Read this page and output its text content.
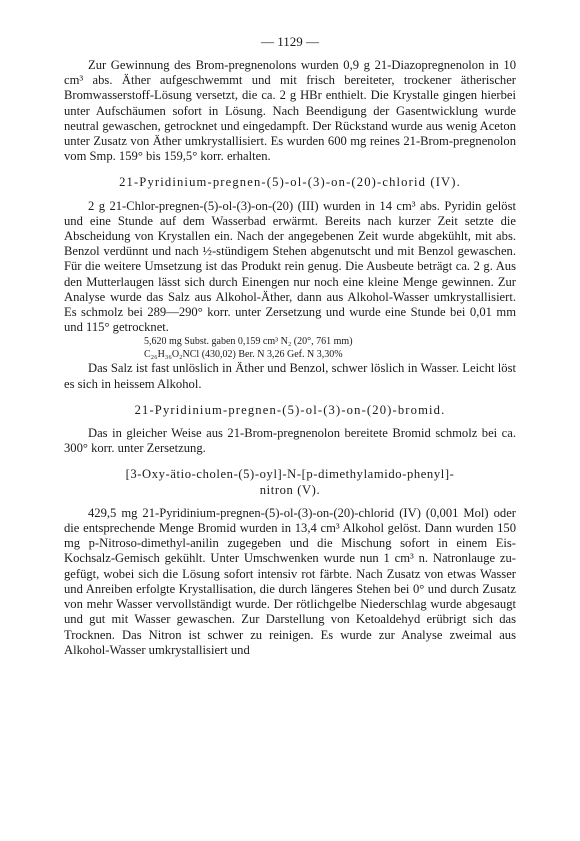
— 1129 —

Zur Gewinnung des Brom-pregnenolons wurden 0,9 g 21-Diazopregnenolon in 10 cm³ abs. Äther aufgeschwemmt und mit frisch bereiteter, trockener ätherischer Bromwasserstoff-Lösung versetzt, die ca. 2 g HBr enthielt. Die Krystalle gingen hierbei unter Aufschäumen sofort in Lösung. Nach Beendigung der Gasentwicklung wurde neutral gewaschen, getrocknet und eingedampft. Der Rückstand wurde aus wenig Aceton unter Zusatz von Äther umkrystallisiert. Es wurden 600 mg reines 21-Brom-pregnenolon vom Smp. 159° bis 159,5° korr. erhalten.

21-Pyridinium-pregnen-(5)-ol-(3)-on-(20)-chlorid (IV).

2 g 21-Chlor-pregnen-(5)-ol-(3)-on-(20) (III) wurden in 14 cm³ abs. Pyridin gelöst und eine Stunde auf dem Wasserbad erwärmt. Bereits nach kurzer Zeit setzte die Abscheidung von Krystallen ein. Nach der angegebenen Zeit wurde abgekühlt, mit abs. Benzol verdünnt und nach ½-stündigem Stehen abgenutscht und mit Benzol gewaschen. Für die weitere Umsetzung ist das Produkt rein genug. Die Ausbeute beträgt ca. 2 g. Aus den Mutterlaugen lässt sich durch Einengen nur noch eine kleine Menge gewinnen. Zur Analyse wurde das Salz aus Alkohol-Äther, dann aus Alkohol-Wasser umkrystallisiert. Es schmolz bei 289—290° korr. unter Zersetzung und wurde eine Stunde bei 0,01 mm und 115° getrocknet.

5,620 mg Subst. gaben 0,159 cm³ N₂ (20°, 761 mm)

C₂₆H₃₆O₂NCl (430,02) Ber. N 3,26 Gef. N 3,30%

Das Salz ist fast unlöslich in Äther und Benzol, schwer löslich in Wasser. Leicht löst es sich in heissem Alkohol.

21-Pyridinium-pregnen-(5)-ol-(3)-on-(20)-bromid.

Das in gleicher Weise aus 21-Brom-pregnenolon bereitete Bromid schmolz bei ca. 300° korr. unter Zersetzung.

[3-Oxy-ätio-cholen-(5)-oyl]-N-[p-dimethylamido-phenyl]-
nitron (V).

429,5 mg 21-Pyridinium-pregnen-(5)-ol-(3)-on-(20)-chlorid (IV) (0,001 Mol) oder die entsprechende Menge Bromid wurden in 13,4 cm³ Alkohol gelöst. Dann wurden 150 mg p-Nitroso-dimethyl-anilin zugegeben und die Mischung sofort in einem Eis-Kochsalz-Gemisch gekühlt. Unter Umschwenken wurde nun 1 cm³ n. Natronlauge zugefügt, wobei sich die Lösung sofort intensiv rot färbte. Nach Zusatz von etwas Wasser und Anreiben erfolgte Krystallisation, die durch längeres Stehen bei 0° und durch Zusatz von mehr Wasser vervollständigt wurde. Der rötlichgelbe Niederschlag wurde abgesaugt und gut mit Wasser gewaschen. Zur Darstellung von Ketoaldehyd erübrigt sich das Trocknen. Das Nitron ist schwer zu reinigen. Es wurde zur Analyse zweimal aus Alkohol-Wasser umkrystallisiert und
